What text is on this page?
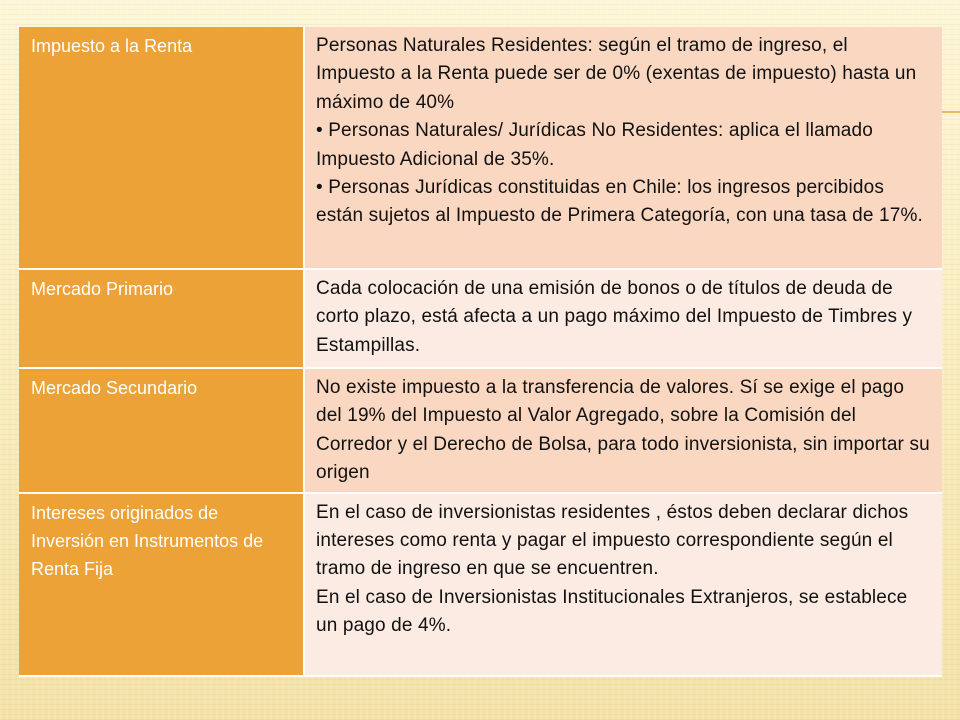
Impuesto a la Renta	Personas Naturales Residentes: según el tramo de ingreso, el Impuesto a la Renta puede ser de 0% (exentas de impuesto) hasta un máximo de 40%
• Personas Naturales/ Jurídicas No Residentes: aplica el llamado Impuesto Adicional de 35%.
• Personas Jurídicas constituidas en Chile: los ingresos percibidos están sujetos al Impuesto de Primera Categoría, con una tasa de 17%.

Mercado Primario	Cada colocación de una emisión de bonos o de títulos de deuda de corto plazo, está afecta a un pago máximo del Impuesto de Timbres y Estampillas.

Mercado Secundario	No existe impuesto a la transferencia de valores. Sí se exige el pago del 19% del Impuesto al Valor Agregado, sobre la Comisión del Corredor y el Derecho de Bolsa, para todo inversionista, sin importar su origen

Intereses originados de Inversión en Instrumentos de Renta Fija	En el caso de inversionistas residentes , éstos deben declarar dichos intereses como renta y pagar el impuesto correspondiente según el tramo de ingreso en que se encuentren.
En el caso de Inversionistas Institucionales Extranjeros, se establece un pago de 4%.
